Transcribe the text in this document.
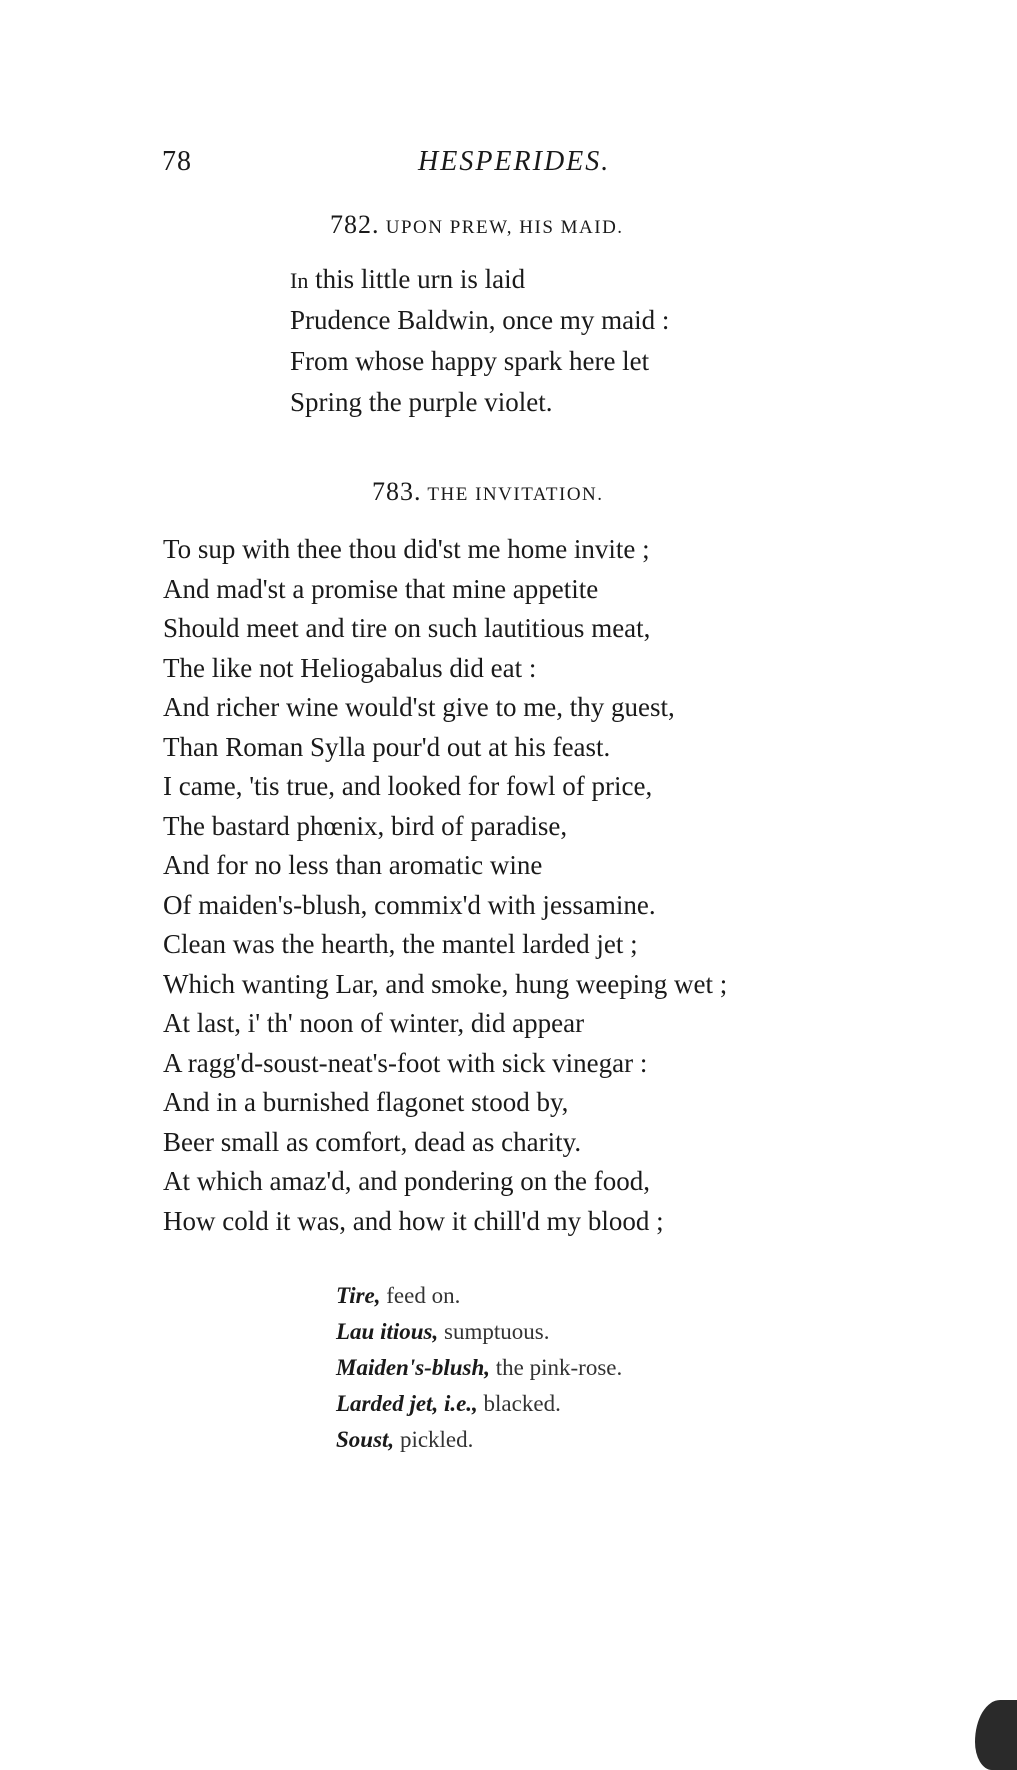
78	HESPERIDES.
782. UPON PREW, HIS MAID.
In this little urn is laid
Prudence Baldwin, once my maid :
From whose happy spark here let
Spring the purple violet.
783. THE INVITATION.
To sup with thee thou did'st me home invite ;
And mad'st a promise that mine appetite
Should meet and tire on such lautitious meat,
The like not Heliogabalus did eat :
And richer wine would'st give to me, thy guest,
Than Roman Sylla pour'd out at his feast.
I came, 'tis true, and looked for fowl of price,
The bastard phœnix, bird of paradise,
And for no less than aromatic wine
Of maiden's-blush, commix'd with jessamine.
Clean was the hearth, the mantel larded jet ;
Which wanting Lar, and smoke, hung weeping wet ;
At last, i' th' noon of winter, did appear
A ragg'd-soust-neat's-foot with sick vinegar :
And in a burnished flagonet stood by,
Beer small as comfort, dead as charity.
At which amaz'd, and pondering on the food,
How cold it was, and how it chill'd my blood ;
Tire, feed on.
Lau itious, sumptuous.
Maiden's-blush, the pink-rose.
Larded jet, i.e., blacked.
Soust, pickled.
